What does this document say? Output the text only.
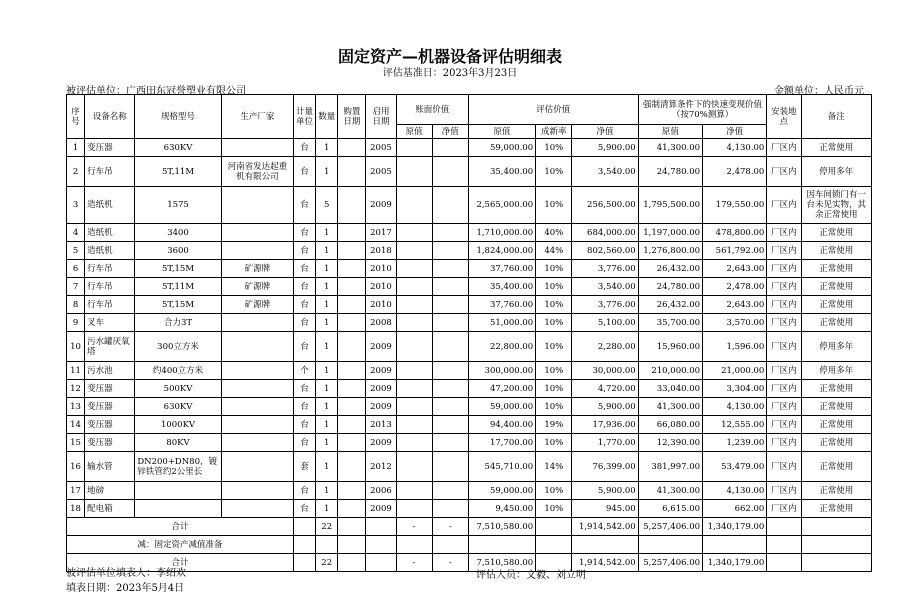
固定资产—机器设备评估明细表
评估基准日：2023年3月23日
被评估单位：广西田东冠誉塑业有限公司	金额单位：人民币元
序号	设备名称	规格型号	生产厂家	计量单位	数量	购置日期	启用日期	账面价值		评估价值			强制清算条件下的快速变现价值（按70%测算）		安装地点	备注
								原值	净值	原值	成新率	净值	原值	净值		
1	变压器	630KV		台	1		2005			59,000.00	10%	5,900.00	41,300.00	4,130.00	厂区内	正常使用
2	行车吊	5T,11M	河南省发达起重机有限公司	台	1		2005			35,400.00	10%	3,540.00	24,780.00	2,478.00	厂区内	停用多年
3	造纸机	1575		台	5		2009			2,565,000.00	10%	256,500.00	1,795,500.00	179,550.00	厂区内	因车间锁门有一台未见实物，其余正常使用
4	造纸机	3400		台	1		2017			1,710,000.00	40%	684,000.00	1,197,000.00	478,800.00	厂区内	正常使用
5	造纸机	3600		台	1		2018			1,824,000.00	44%	802,560.00	1,276,800.00	561,792.00	厂区内	正常使用
6	行车吊	5T,15M	矿源牌	台	1		2010			37,760.00	10%	3,776.00	26,432.00	2,643.00	厂区内	正常使用
7	行车吊	5T,11M	矿源牌	台	1		2010			35,400.00	10%	3,540.00	24,780.00	2,478.00	厂区内	正常使用
8	行车吊	5T,15M	矿源牌	台	1		2010			37,760.00	10%	3,776.00	26,432.00	2,643.00	厂区内	正常使用
9	叉车	合力3T		台	1		2008			51,000.00	10%	5,100.00	35,700.00	3,570.00	厂区内	正常使用
10	污水罐厌氧塔	300立方米		台	1		2009			22,800.00	10%	2,280.00	15,960.00	1,596.00	厂区内	停用多年
11	污水池	约400立方米		个	1		2009			300,000.00	10%	30,000.00	210,000.00	21,000.00	厂区内	停用多年
12	变压器	500KV		台	1		2009			47,200.00	10%	4,720.00	33,040.00	3,304.00	厂区内	正常使用
13	变压器	630KV		台	1		2009			59,000.00	10%	5,900.00	41,300.00	4,130.00	厂区内	正常使用
14	变压器	1000KV		台	1		2013			94,400.00	19%	17,936.00	66,080.00	12,555.00	厂区内	正常使用
15	变压器	80KV		台	1		2009			17,700.00	10%	1,770.00	12,390.00	1,239.00	厂区内	正常使用
16	输水管	DN200+DN80，镀锌铁管约2公里长		套	1		2012			545,710.00	14%	76,399.00	381,997.00	53,479.00	厂区内	正常使用
17	地磅			台	1		2006			59,000.00	10%	5,900.00	41,300.00	4,130.00	厂区内	正常使用
18	配电箱			台	1		2009			9,450.00	10%	945.00	6,615.00	662.00	厂区内	正常使用
合计					22			-	-	7,510,580.00		1,914,542.00	5,257,406.00	1,340,179.00		
减：固定资产减值准备																
合计					22			-	-	7,510,580.00		1,914,542.00	5,257,406.00	1,340,179.00		
被评估单位填表人：李绍欢
填表日期：2023年5月4日
评估人员：文毅、刘立明
